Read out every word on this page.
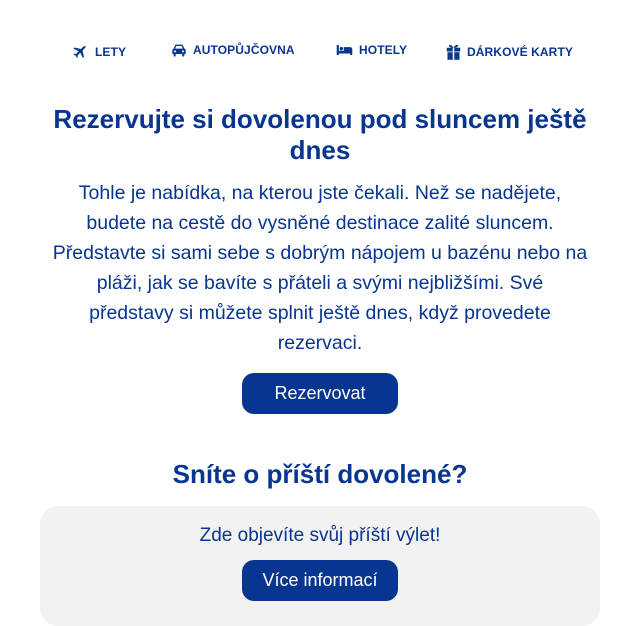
LETY	AUTOPŮJČOVNA	HOTELY	DÁRKOVÉ KARTY
Rezervujte si dovolenou pod sluncem ještě dnes

Tohle je nabídka, na kterou jste čekali. Než se nadějete, budete na cestě do vysněné destinace zalité sluncem. Představte si sami sebe s dobrým nápojem u bazénu nebo na pláži, jak se bavíte s přáteli a svými nejbližšími. Své představy si můžete splnit ještě dnes, když provedete rezervaci.

Rezervovat
Sníte o příští dovolené?

Zde objevíte svůj příští výlet!

Více informací
